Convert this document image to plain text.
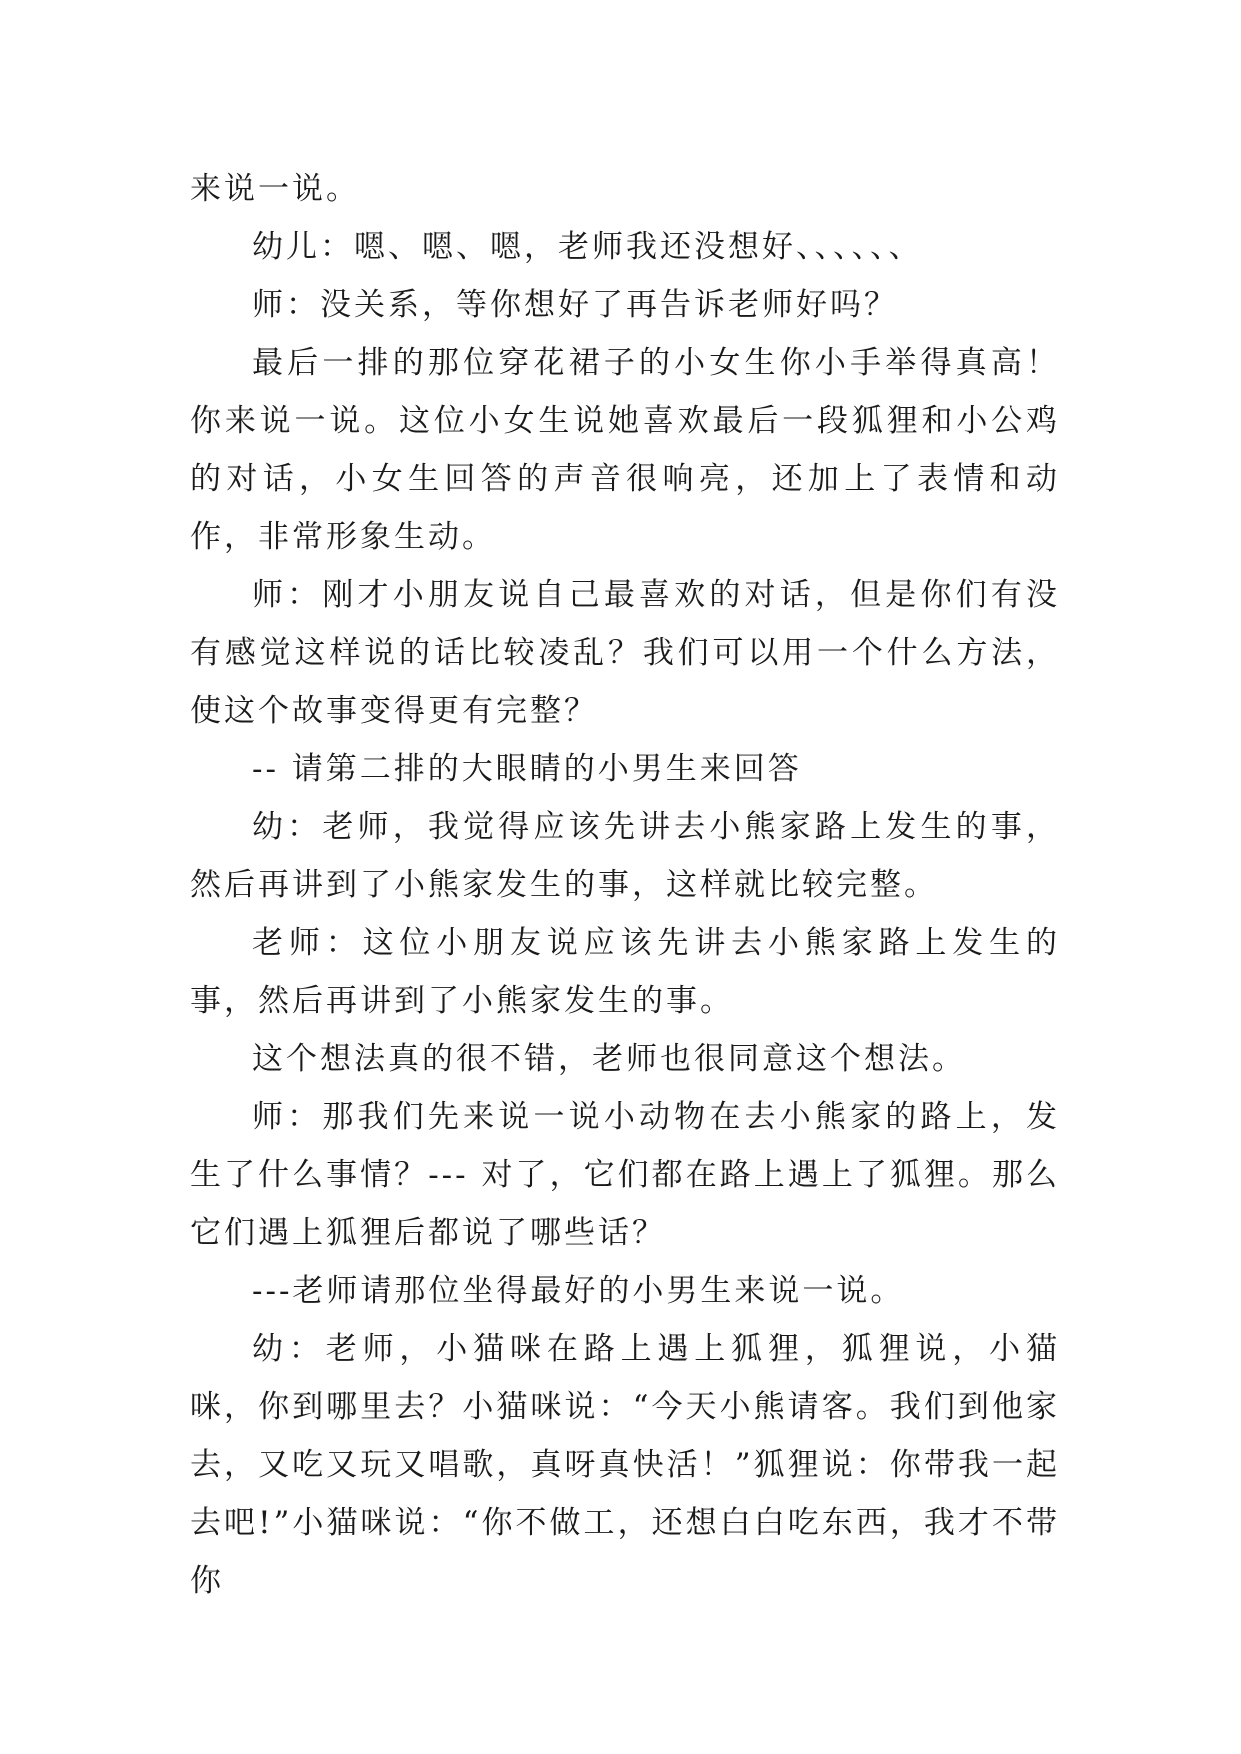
来说一说。

幼儿：嗯、嗯、嗯，老师我还没想好、、、、、、

师：没关系，等你想好了再告诉老师好吗？

最后一排的那位穿花裙子的小女生你小手举得真高！你来说一说。这位小女生说她喜欢最后一段狐狸和小公鸡的对话，小女生回答的声音很响亮，还加上了表情和动作，非常形象生动。

师：刚才小朋友说自己最喜欢的对话，但是你们有没有感觉这样说的话比较凌乱？我们可以用一个什么方法，使这个故事变得更有完整？

-- 请第二排的大眼睛的小男生来回答

幼：老师，我觉得应该先讲去小熊家路上发生的事，然后再讲到了小熊家发生的事，这样就比较完整。

老师：这位小朋友说应该先讲去小熊家路上发生的事，然后再讲到了小熊家发生的事。

这个想法真的很不错，老师也很同意这个想法。

师：那我们先来说一说小动物在去小熊家的路上，发生了什么事情？--- 对了，它们都在路上遇上了狐狸。那么它们遇上狐狸后都说了哪些话？

---老师请那位坐得最好的小男生来说一说。

幼：老师，小猫咪在路上遇上狐狸，狐狸说，小猫咪，你到哪里去？小猫咪说：“今天小熊请客。我们到他家去，又吃又玩又唱歌，真呀真快活！”狐狸说：你带我一起去吧!”小猫咪说：“你不做工，还想白白吃东西，我才不带你
